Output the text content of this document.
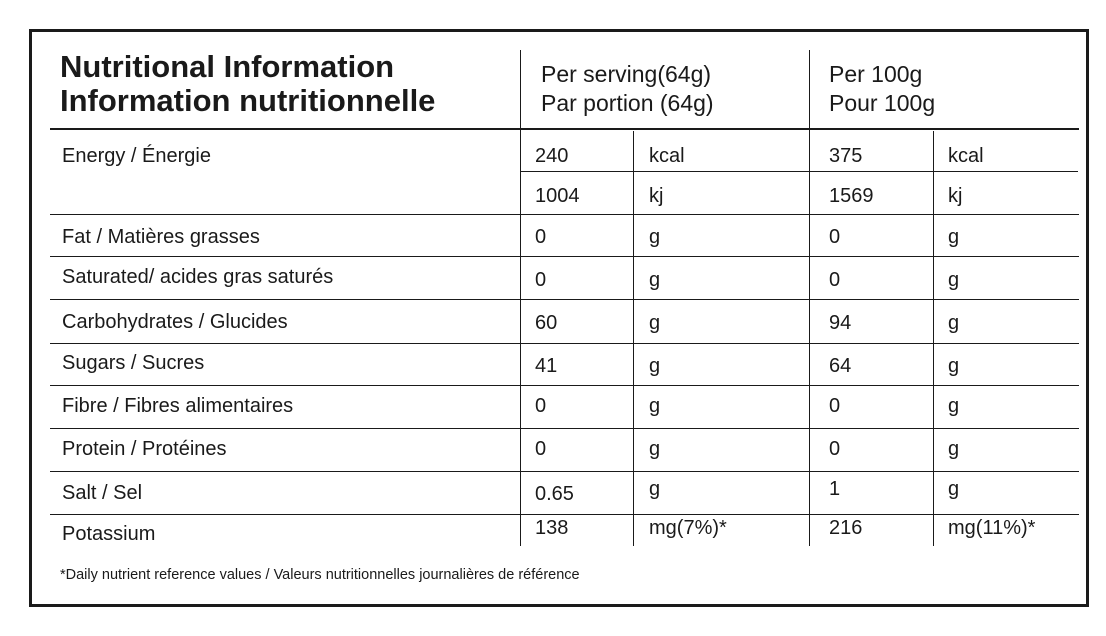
Nutritional Information
Information nutritionnelle
Per serving(64g)
Par portion (64g)
Per 100g
Pour 100g
Energy / Énergie	240	kcal	375	kcal
1004	kj	1569	kj
Fat / Matières grasses	0	g	0	g
Saturated/ acides gras saturés	0	g	0	g
Carbohydrates / Glucides	60	g	94	g
Sugars / Sucres	41	g	64	g
Fibre / Fibres alimentaires	0	g	0	g
Protein / Protéines	0	g	0	g
Salt / Sel	0.65	g	1	g
Potassium	138	mg(7%)*	216	mg(11%)*
*Daily nutrient reference values / Valeurs nutritionnelles journalières de référence
